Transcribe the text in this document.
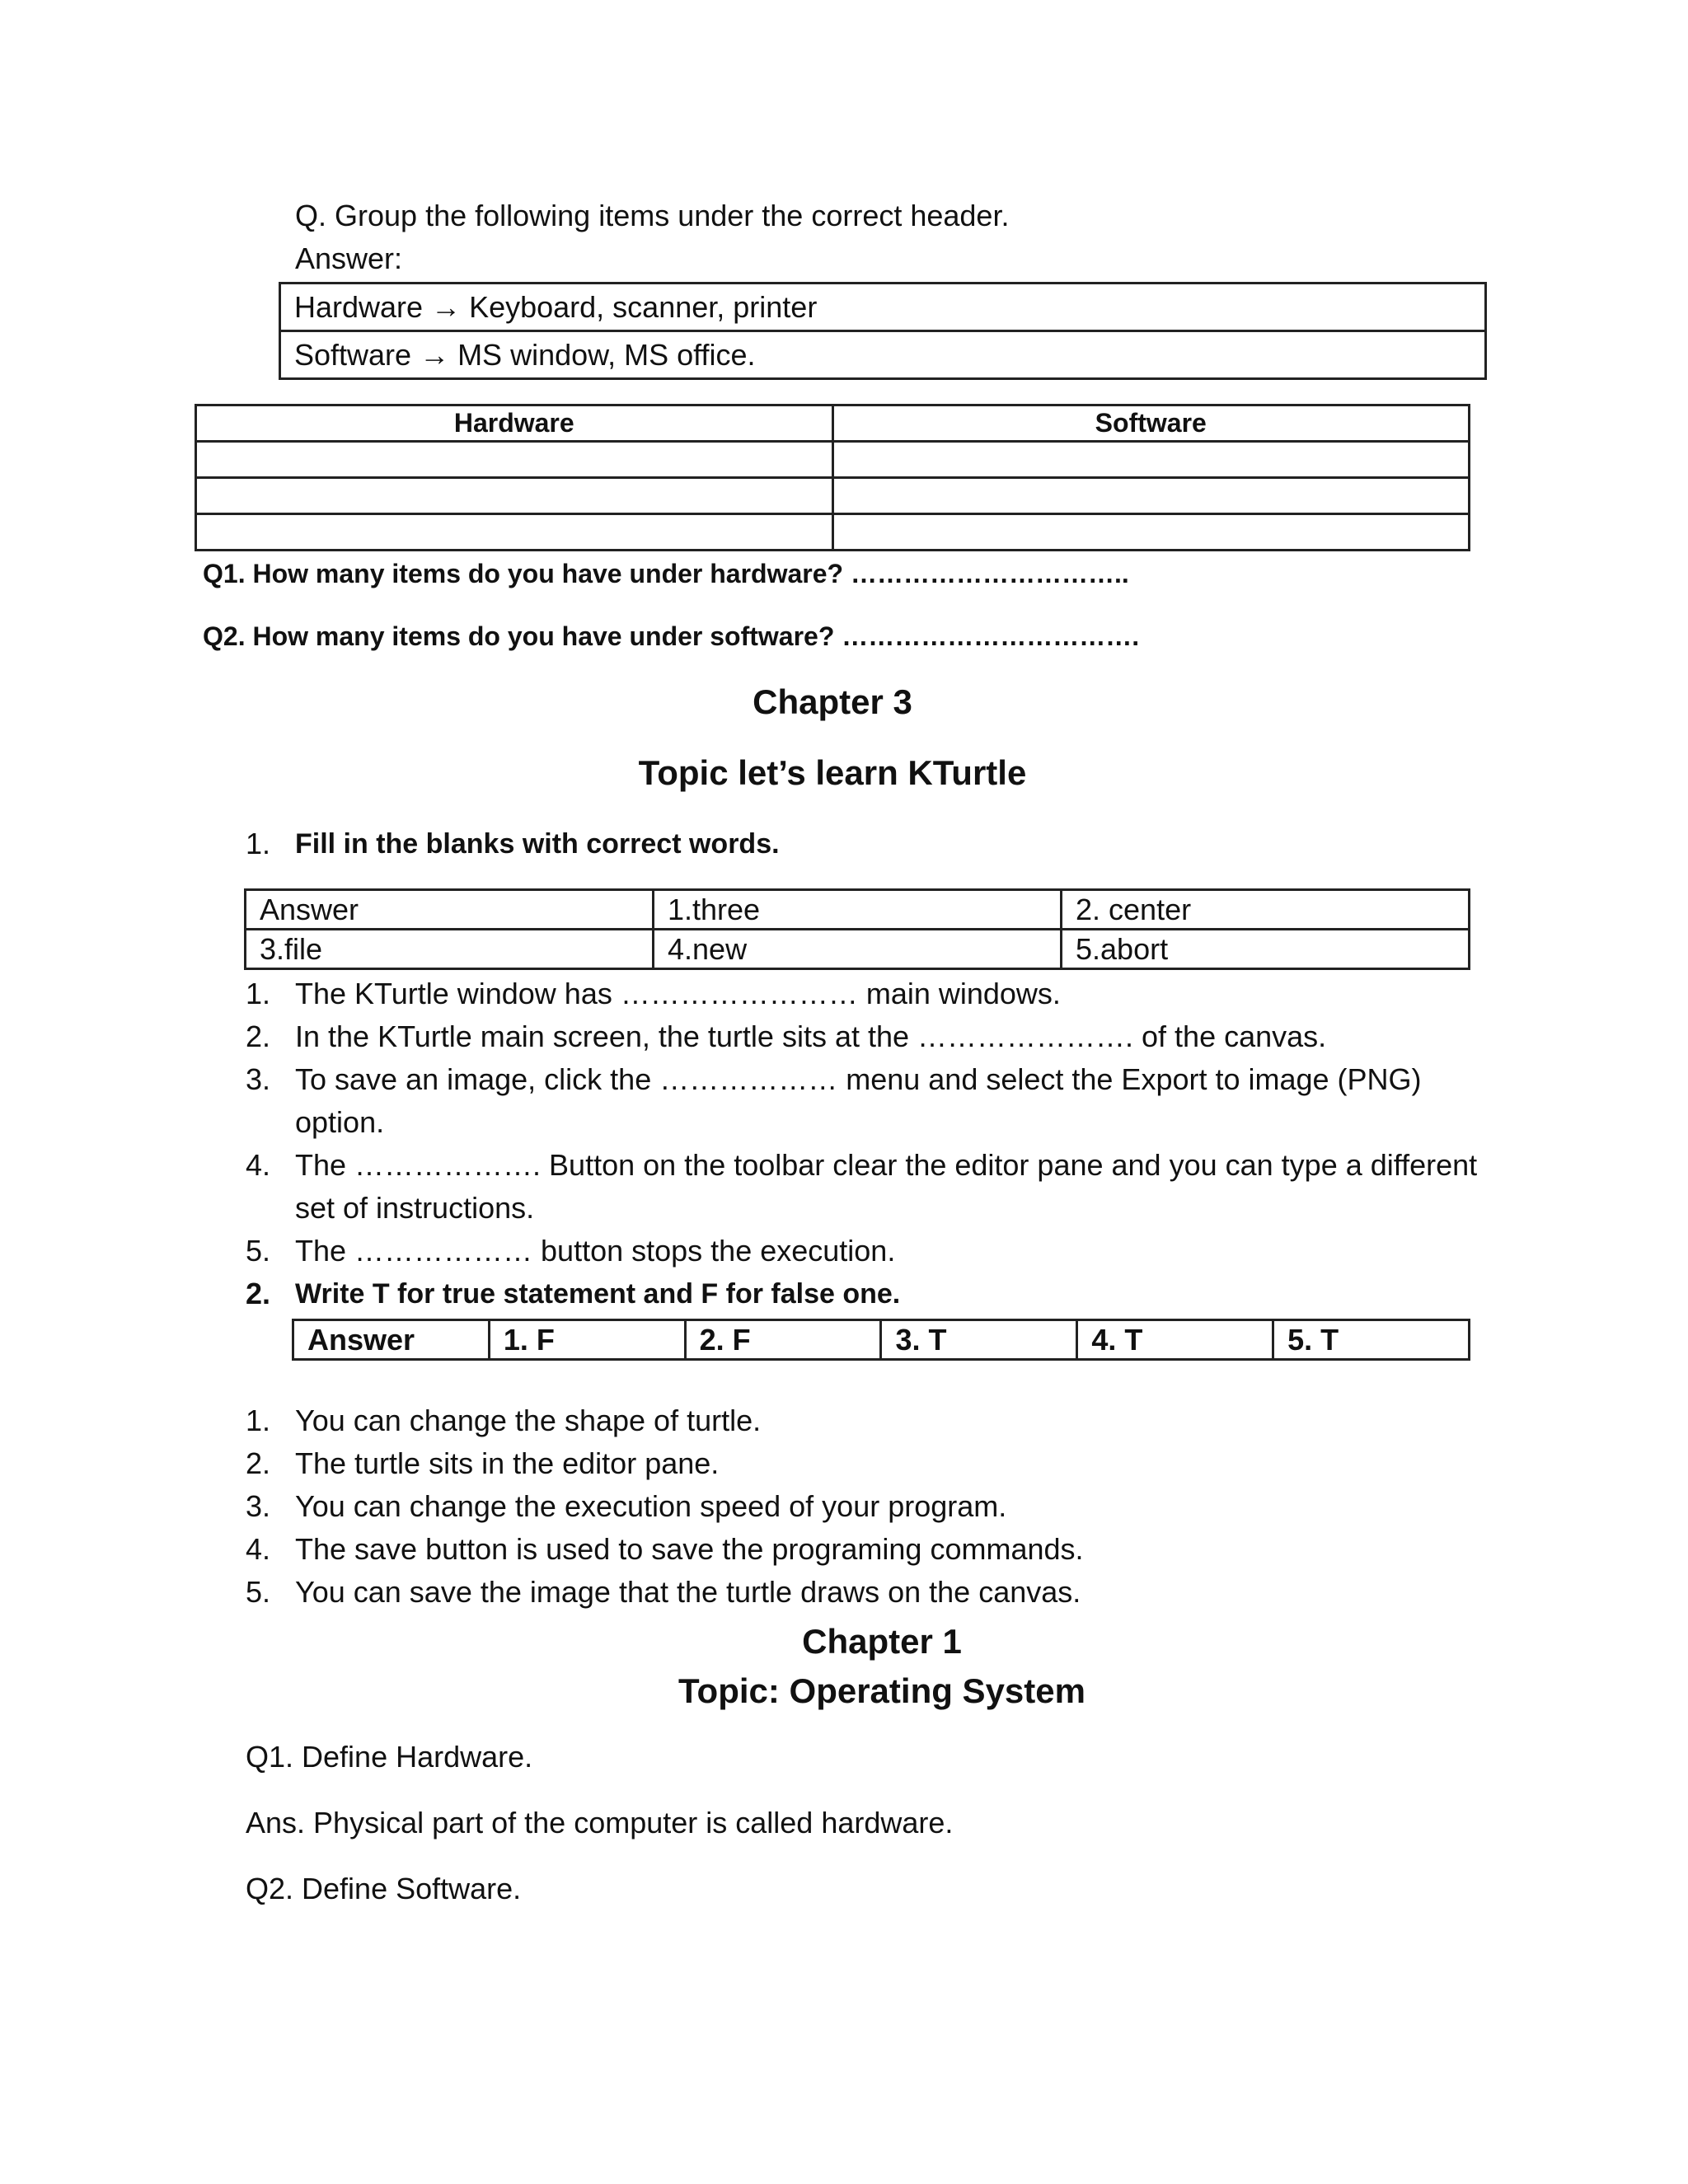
Q. Group the following items under the correct header.
Answer:
Hardware → Keyboard, scanner, printer
Software → MS window, MS office.
Hardware	Software

Q1. How many items do you have under hardware? …………………………..
Q2. How many items do you have under software? …………………………….
Chapter 3
Topic let’s learn KTurtle
1. Fill in the blanks with correct words.
Answer	1.three	2. center
3.file	4.new	5.abort
1. The KTurtle window has …………………… main windows.
2. In the KTurtle main screen, the turtle sits at the …………………. of the canvas.
3. To save an image, click the ……………… menu and select the Export to image (PNG)
option.
4. The ………………. Button on the toolbar clear the editor pane and you can type a different
set of instructions.
5. The ……………… button stops the execution.
2. Write T for true statement and F for false one.
Answer	1. F	2. F	3. T	4. T	5. T
1. You can change the shape of turtle.
2. The turtle sits in the editor pane.
3. You can change the execution speed of your program.
4. The save button is used to save the programing commands.
5. You can save the image that the turtle draws on the canvas.
Chapter 1
Topic: Operating System
Q1. Define Hardware.
Ans. Physical part of the computer is called hardware.
Q2. Define Software.
